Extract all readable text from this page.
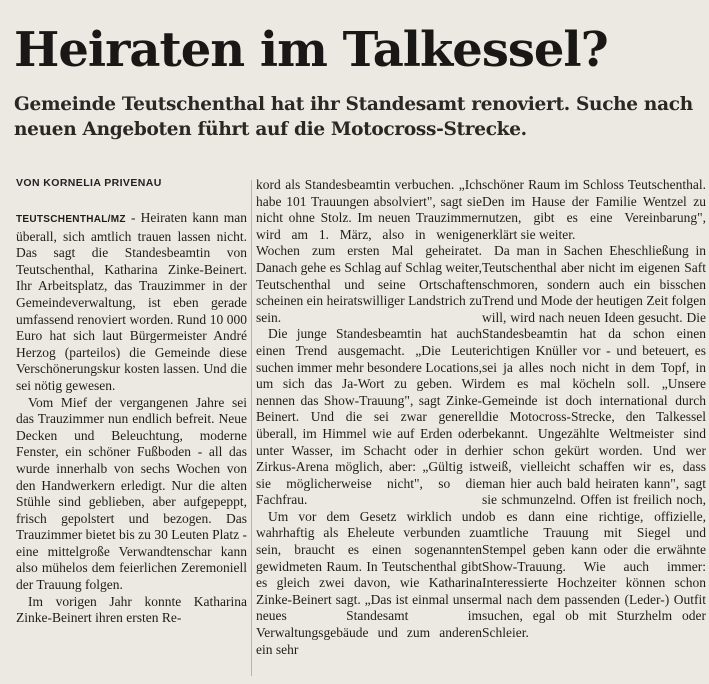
Heiraten im Talkessel?
Gemeinde Teutschenthal hat ihr Standesamt renoviert. Suche nach neuen Angeboten führt auf die Motocross-Strecke.
VON KORNELIA PRIVENAU

TEUTSCHENTHAL/MZ - Heiraten kann man überall, sich amtlich trauen lassen nicht. Das sagt die Standesbeamtin von Teutschenthal, Katharina Zinke-Beinert. Ihr Arbeitsplatz, das Trauzimmer in der Gemeindeverwaltung, ist eben gerade umfassend renoviert worden. Rund 10 000 Euro hat sich laut Bürgermeister André Herzog (parteilos) die Gemeinde diese Verschönerungskur kosten lassen. Und die sei nötig gewesen.

Vom Mief der vergangenen Jahre sei das Trauzimmer nun endlich befreit. Neue Decken und Beleuchtung, moderne Fenster, ein schöner Fußboden - all das wurde innerhalb von sechs Wochen von den Handwerkern erledigt. Nur die alten Stühle sind geblieben, aber aufgepeppt, frisch gepolstert und bezogen. Das Trauzimmer bietet bis zu 30 Leuten Platz - eine mittelgroße Verwandtenschar kann also mühelos dem feierlichen Zeremoniell der Trauung folgen.

Im vorigen Jahr konnte Katharina Zinke-Beinert ihren ersten Re-

kord als Standesbeamtin verbuchen. „Ich habe 101 Trauungen absolviert", sagt sie nicht ohne Stolz. Im neuen Trauzimmer wird am 1. März, also in wenigen Wochen zum ersten Mal geheiratet. Danach gehe es Schlag auf Schlag weiter, Teutschenthal und seine Ortschaften scheinen ein heiratswilliger Landstrich zu sein.

Die junge Standesbeamtin hat auch einen Trend ausgemacht. „Die Leute suchen immer mehr besondere Locations, um sich das Ja-Wort zu geben. Wir nennen das Show-Trauung", sagt Zinke-Beinert. Und die sei zwar generell überall, im Himmel wie auf Erden oder unter Wasser, im Schacht oder in der Zirkus-Arena möglich, aber: „Gültig ist sie möglicherweise nicht", so die Fachfrau.

Um vor dem Gesetz wirklich und wahrhaftig als Eheleute verbunden zu sein, braucht es einen sogenannten gewidmeten Raum. In Teutschenthal gibt es gleich zwei davon, wie Katharina Zinke-Beinert sagt. „Das ist einmal unser neues Standesamt im Verwaltungsgebäude und zum anderen ein sehr

schöner Raum im Schloss Teutschenthal. Den im Hause der Familie Wentzel zu nutzen, gibt es eine Vereinbarung", erklärt sie weiter.

Da man in Sachen Eheschließung in Teutschenthal aber nicht im eigenen Saft schmoren, sondern auch ein bisschen Trend und Mode der heutigen Zeit folgen will, wird nach neuen Ideen gesucht. Die Standesbeamtin hat da schon einen richtigen Knüller vor - und beteuert, es sei ja alles noch nicht in dem Topf, in dem es mal köcheln soll. „Unsere Gemeinde ist doch international durch die Motocross-Strecke, den Talkessel bekannt. Ungezählte Weltmeister sind hier schon gekürt worden. Und wer weiß, vielleicht schaffen wir es, dass man hier auch bald heiraten kann", sagt sie schmunzelnd. Offen ist freilich noch, ob es dann eine richtige, offizielle, amtliche Trauung mit Siegel und Stempel geben kann oder die erwähnte Show-Trauung. Wie auch immer: Interessierte Hochzeiter können schon mal nach dem passenden (Leder-) Outfit suchen, egal ob mit Sturzhelm oder Schleier.
